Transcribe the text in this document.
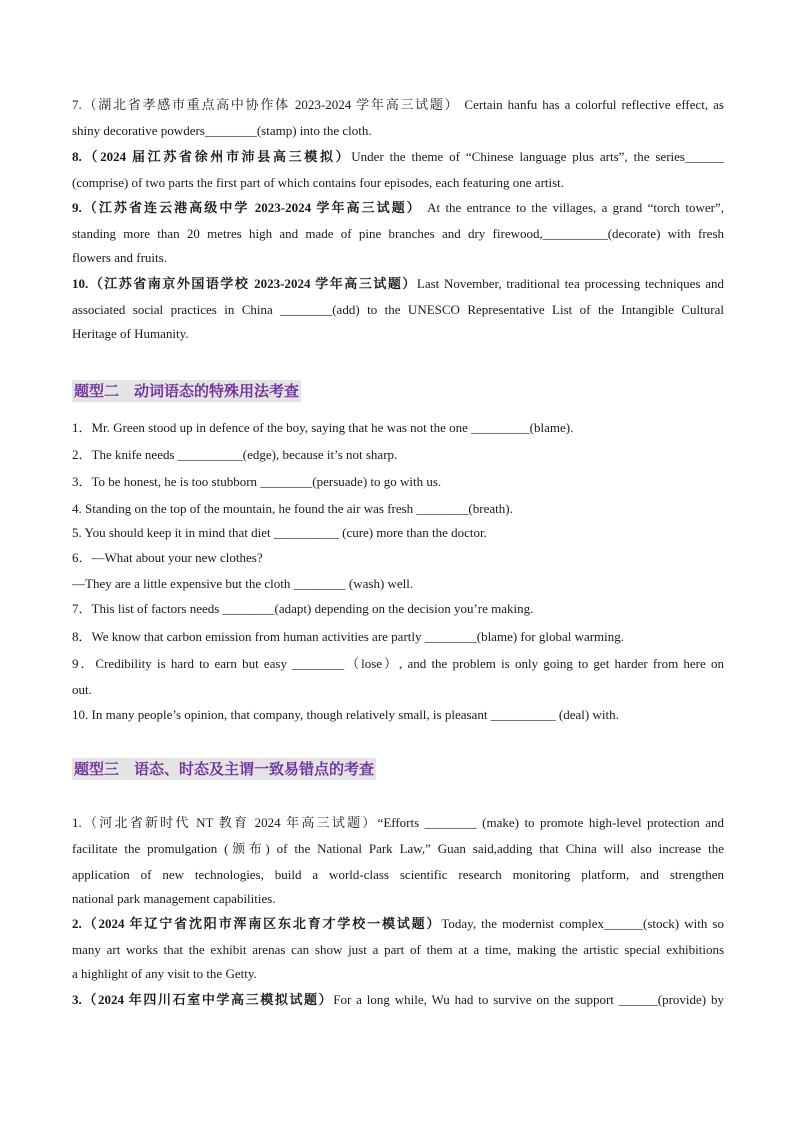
7.（湖北省孝感市重点高中协作体 2023-2024 学年高三试题） Certain hanfu has a colorful reflective effect, as
shiny decorative powders________(stamp) into the cloth.
8.（2024 届江苏省徐州市沛县高三模拟）Under the theme of “Chinese language plus arts”, the series______
(comprise) of two parts the first part of which contains four episodes, each featuring one artist.
9.（江苏省连云港高级中学 2023-2024 学年高三试题） At the entrance to the villages, a grand “torch tower”,
standing more than 20 metres high and made of pine branches and dry firewood,__________(decorate) with fresh
flowers and fruits.
10.（江苏省南京外国语学校 2023-2024 学年高三试题）Last November, traditional tea processing techniques and
associated social practices in China ________(add) to the UNESCO Representative List of the Intangible Cultural
Heritage of Humanity.
题型二　动词语态的特殊用法考查
1．Mr. Green stood up in defence of the boy, saying that he was not the one _________(blame).
2．The knife needs __________(edge), because it’s not sharp.
3．To be honest, he is too stubborn ________(persuade) to go with us.
4. Standing on the top of the mountain, he found the air was fresh ________(breath).
5. You should keep it in mind that diet __________ (cure) more than the doctor.
6．—What about your new clothes?
—They are a little expensive but the cloth ________ (wash) well.
7．This list of factors needs ________(adapt) depending on the decision you’re making.
8．We know that carbon emission from human activities are partly ________(blame) for global warming.
9．Credibility is hard to earn but easy ________（lose）, and the problem is only going to get harder from here on
out.
10. In many people’s opinion, that company, though relatively small, is pleasant __________ (deal) with.
题型三　语态、时态及主谓一致易错点的考查
1.（河北省新时代 NT 教育 2024 年高三试题）“Efforts ________ (make) to promote high-level protection and
facilitate the promulgation (颁布) of the National Park Law,” Guan said,adding that China will also increase the
application of new technologies, build a world-class scientific research monitoring platform, and strengthen
national park management capabilities.
2.（2024 年辽宁省沈阳市浑南区东北育才学校一模试题）Today, the modernist complex______(stock) with so
many art works that the exhibit arenas can show just a part of them at a time, making the artistic special exhibitions
a highlight of any visit to the Getty.
3.（2024 年四川石室中学高三模拟试题）For a long while, Wu had to survive on the support ______(provide) by
